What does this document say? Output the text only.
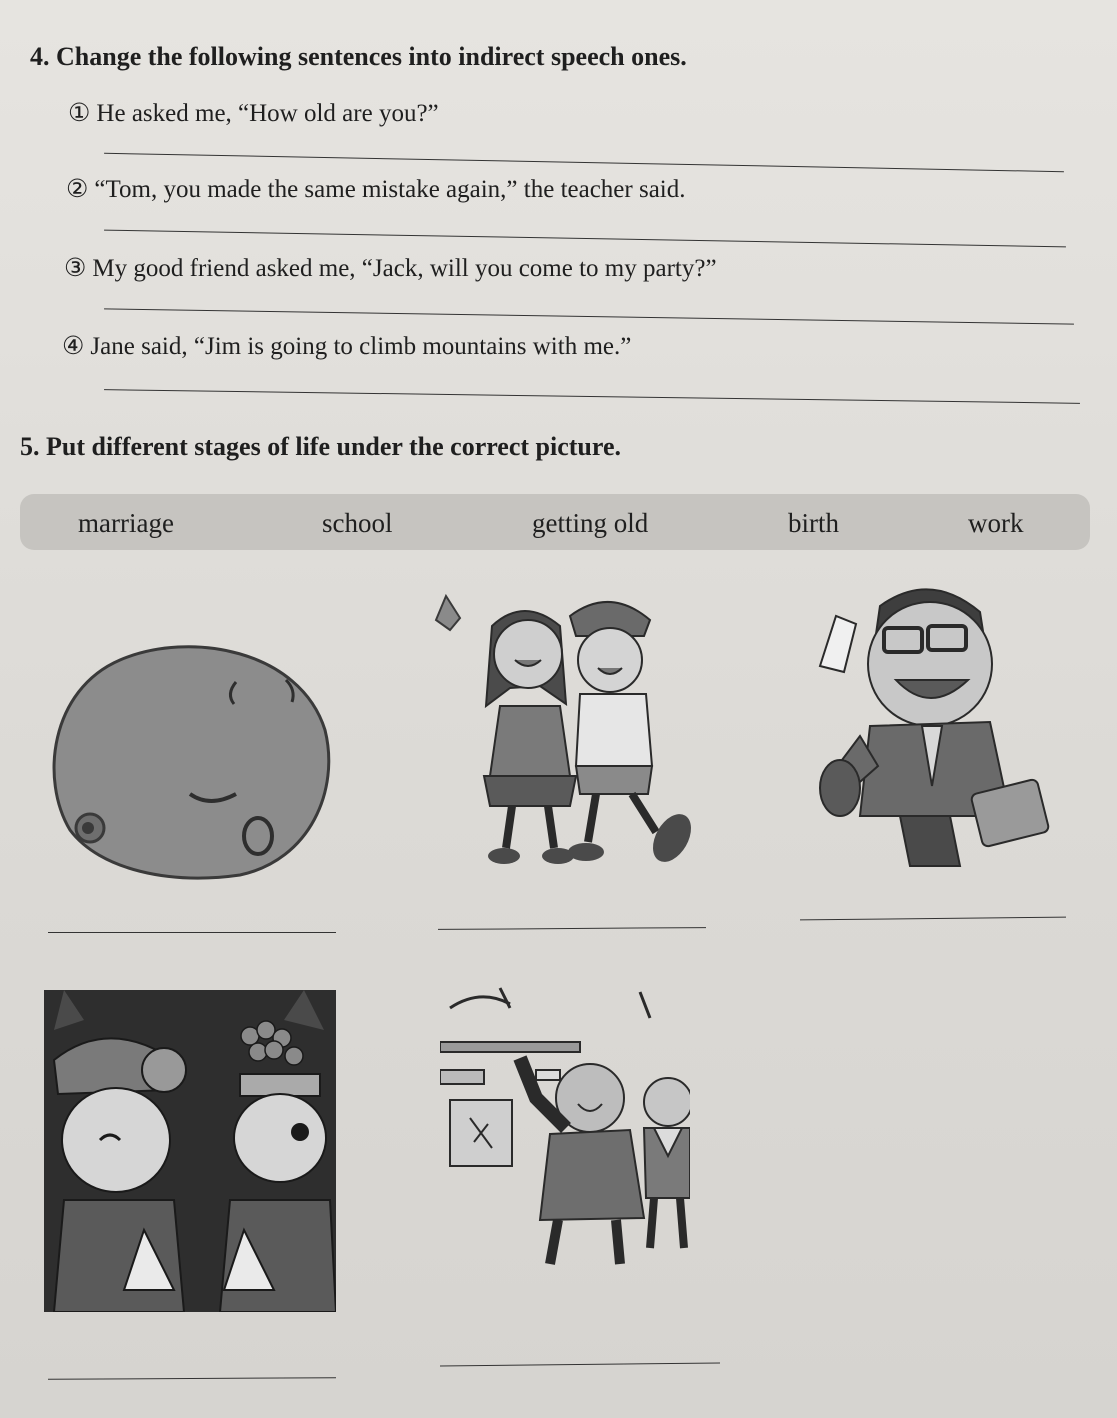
4. Change the following sentences into indirect speech ones.

① He asked me, “How old are you?”

② “Tom, you made the same mistake again,” the teacher said.

③ My good friend asked me, “Jack, will you come to my party?”

④ Jane said, “Jim is going to climb mountains with me.”

5. Put different stages of life under the correct picture.
marriage	school	getting old	birth	work
